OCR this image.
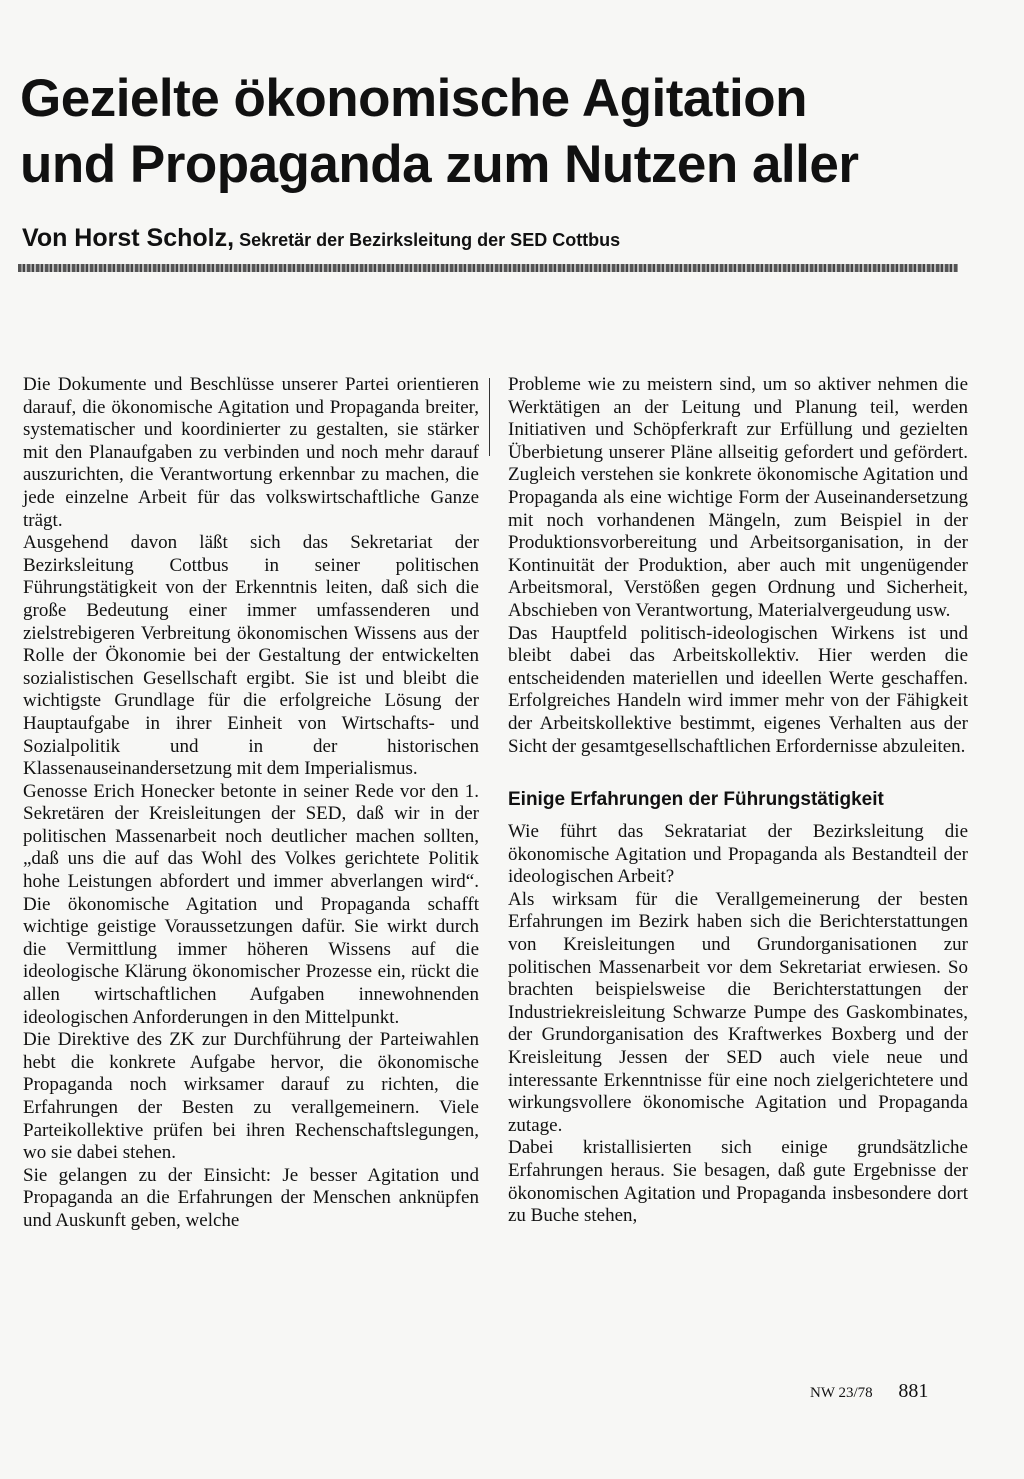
Gezielte ökonomische Agitation
und Propaganda zum Nutzen aller
Von Horst Scholz, Sekretär der Bezirksleitung der SED Cottbus

Die Dokumente und Beschlüsse unserer Partei orientieren darauf, die ökonomische Agitation und Propaganda breiter, systematischer und koordinierter zu gestalten, sie stärker mit den Planaufgaben zu verbinden und noch mehr darauf auszurichten, die Verantwortung erkennbar zu machen, die jede einzelne Arbeit für das volkswirtschaftliche Ganze trägt.

Ausgehend davon läßt sich das Sekretariat der Bezirksleitung Cottbus in seiner politischen Führungstätigkeit von der Erkenntnis leiten, daß sich die große Bedeutung einer immer umfassenderen und zielstrebigeren Verbreitung ökonomischen Wissens aus der Rolle der Ökonomie bei der Gestaltung der entwickelten sozialistischen Gesellschaft ergibt. Sie ist und bleibt die wichtigste Grundlage für die erfolgreiche Lösung der Hauptaufgabe in ihrer Einheit von Wirtschafts- und Sozialpolitik und in der historischen Klassenauseinandersetzung mit dem Imperialismus.

Genosse Erich Honecker betonte in seiner Rede vor den 1. Sekretären der Kreisleitungen der SED, daß wir in der politischen Massenarbeit noch deutlicher machen sollten, „daß uns die auf das Wohl des Volkes gerichtete Politik hohe Leistungen abfordert und immer abverlangen wird“. Die ökonomische Agitation und Propaganda schafft wichtige geistige Voraussetzungen dafür. Sie wirkt durch die Vermittlung immer höheren Wissens auf die ideologische Klärung ökonomischer Prozesse ein, rückt die allen wirtschaftlichen Aufgaben innewohnenden ideologischen Anforderungen in den Mittelpunkt.

Die Direktive des ZK zur Durchführung der Parteiwahlen hebt die konkrete Aufgabe hervor, die ökonomische Propaganda noch wirksamer darauf zu richten, die Erfahrungen der Besten zu verallgemeinern. Viele Parteikollektive prüfen bei ihren Rechenschaftslegungen, wo sie dabei stehen.

Sie gelangen zu der Einsicht: Je besser Agitation und Propaganda an die Erfahrungen der Menschen anknüpfen und Auskunft geben, welche

Probleme wie zu meistern sind, um so aktiver nehmen die Werktätigen an der Leitung und Planung teil, werden Initiativen und Schöpferkraft zur Erfüllung und gezielten Überbietung unserer Pläne allseitig gefordert und gefördert. Zugleich verstehen sie konkrete ökonomische Agitation und Propaganda als eine wichtige Form der Auseinandersetzung mit noch vorhandenen Mängeln, zum Beispiel in der Produktionsvorbereitung und Arbeitsorganisation, in der Kontinuität der Produktion, aber auch mit ungenügender Arbeitsmoral, Verstößen gegen Ordnung und Sicherheit, Abschieben von Verantwortung, Materialvergeudung usw.

Das Hauptfeld politisch-ideologischen Wirkens ist und bleibt dabei das Arbeitskollektiv. Hier werden die entscheidenden materiellen und ideellen Werte geschaffen. Erfolgreiches Handeln wird immer mehr von der Fähigkeit der Arbeitskollektive bestimmt, eigenes Verhalten aus der Sicht der gesamtgesellschaftlichen Erfordernisse abzuleiten.

Einige Erfahrungen der Führungstätigkeit

Wie führt das Sekratariat der Bezirksleitung die ökonomische Agitation und Propaganda als Bestandteil der ideologischen Arbeit?

Als wirksam für die Verallgemeinerung der besten Erfahrungen im Bezirk haben sich die Berichterstattungen von Kreisleitungen und Grundorganisationen zur politischen Massenarbeit vor dem Sekretariat erwiesen. So brachten beispielsweise die Berichterstattungen der Industriekreisleitung Schwarze Pumpe des Gaskombinates, der Grundorganisation des Kraftwerkes Boxberg und der Kreisleitung Jessen der SED auch viele neue und interessante Erkenntnisse für eine noch zielgerichtetere und wirkungsvollere ökonomische Agitation und Propaganda zutage.

Dabei kristallisierten sich einige grundsätzliche Erfahrungen heraus. Sie besagen, daß gute Ergebnisse der ökonomischen Agitation und Propaganda insbesondere dort zu Buche stehen,

NW 23/78 881
